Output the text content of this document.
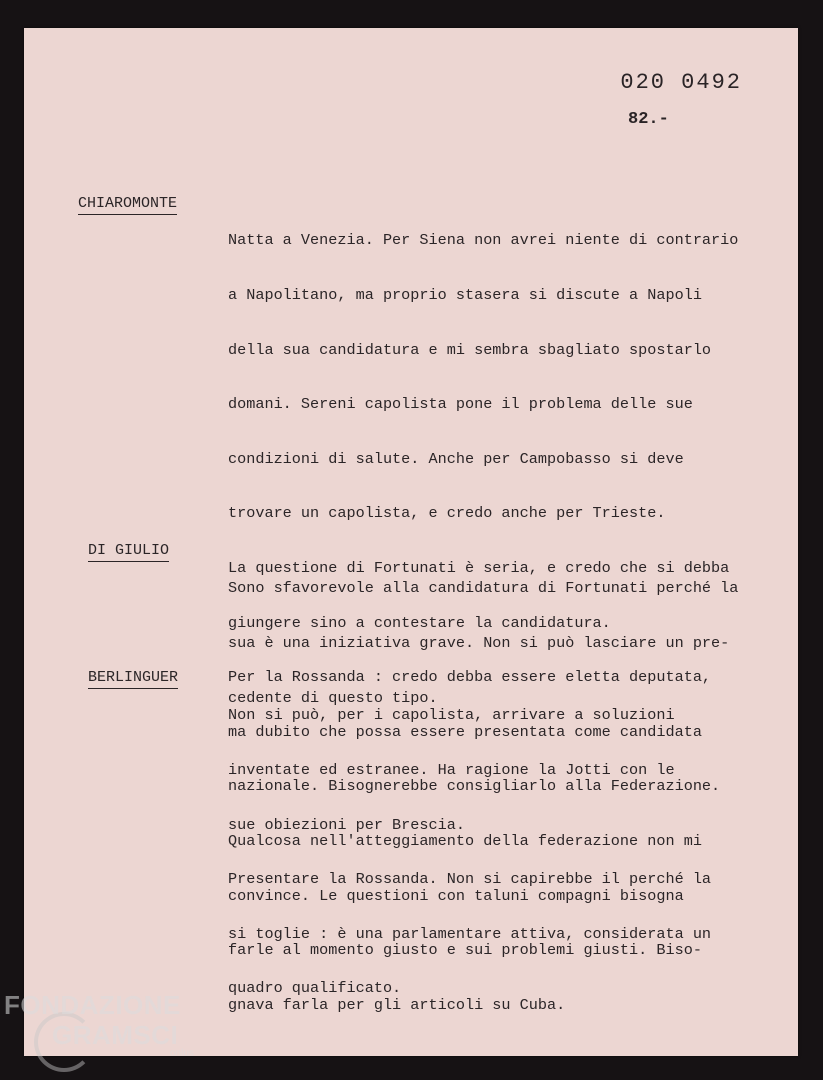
020 0492
82.-
CHIAROMONTE

Natta a Venezia. Per Siena non avrei niente di contrario

a Napolitano, ma proprio stasera si discute a Napoli

della sua candidatura e mi sembra sbagliato spostarlo

domani. Sereni capolista pone il problema delle sue

condizioni di salute. Anche per Campobasso si deve

trovare un capolista, e credo anche per Trieste.

La questione di Fortunati è seria, e credo che si debba

giungere sino a contestare la candidatura.

Per la Rossanda : credo debba essere eletta deputata,

ma dubito che possa essere presentata come candidata

nazionale. Bisognerebbe consigliarlo alla Federazione.

Qualcosa nell'atteggiamento della federazione non mi

convince. Le questioni con taluni compagni bisogna

farle al momento giusto e sui problemi giusti. Biso-

gnava farla per gli articoli su Cuba.

DI GIULIO

Sono sfavorevole alla candidatura di Fortunati perché la

sua è una iniziativa grave. Non si può lasciare un pre-

cedente di questo tipo.

BERLINGUER

Non si può, per i capolista, arrivare a soluzioni

inventate ed estranee. Ha ragione la Jotti con le

sue obiezioni per Brescia.

Presentare la Rossanda. Non si capirebbe il perché la

si toglie : è una parlamentare attiva, considerata un

quadro qualificato.

FONDAZIONE
GRAMSCI
onlus
